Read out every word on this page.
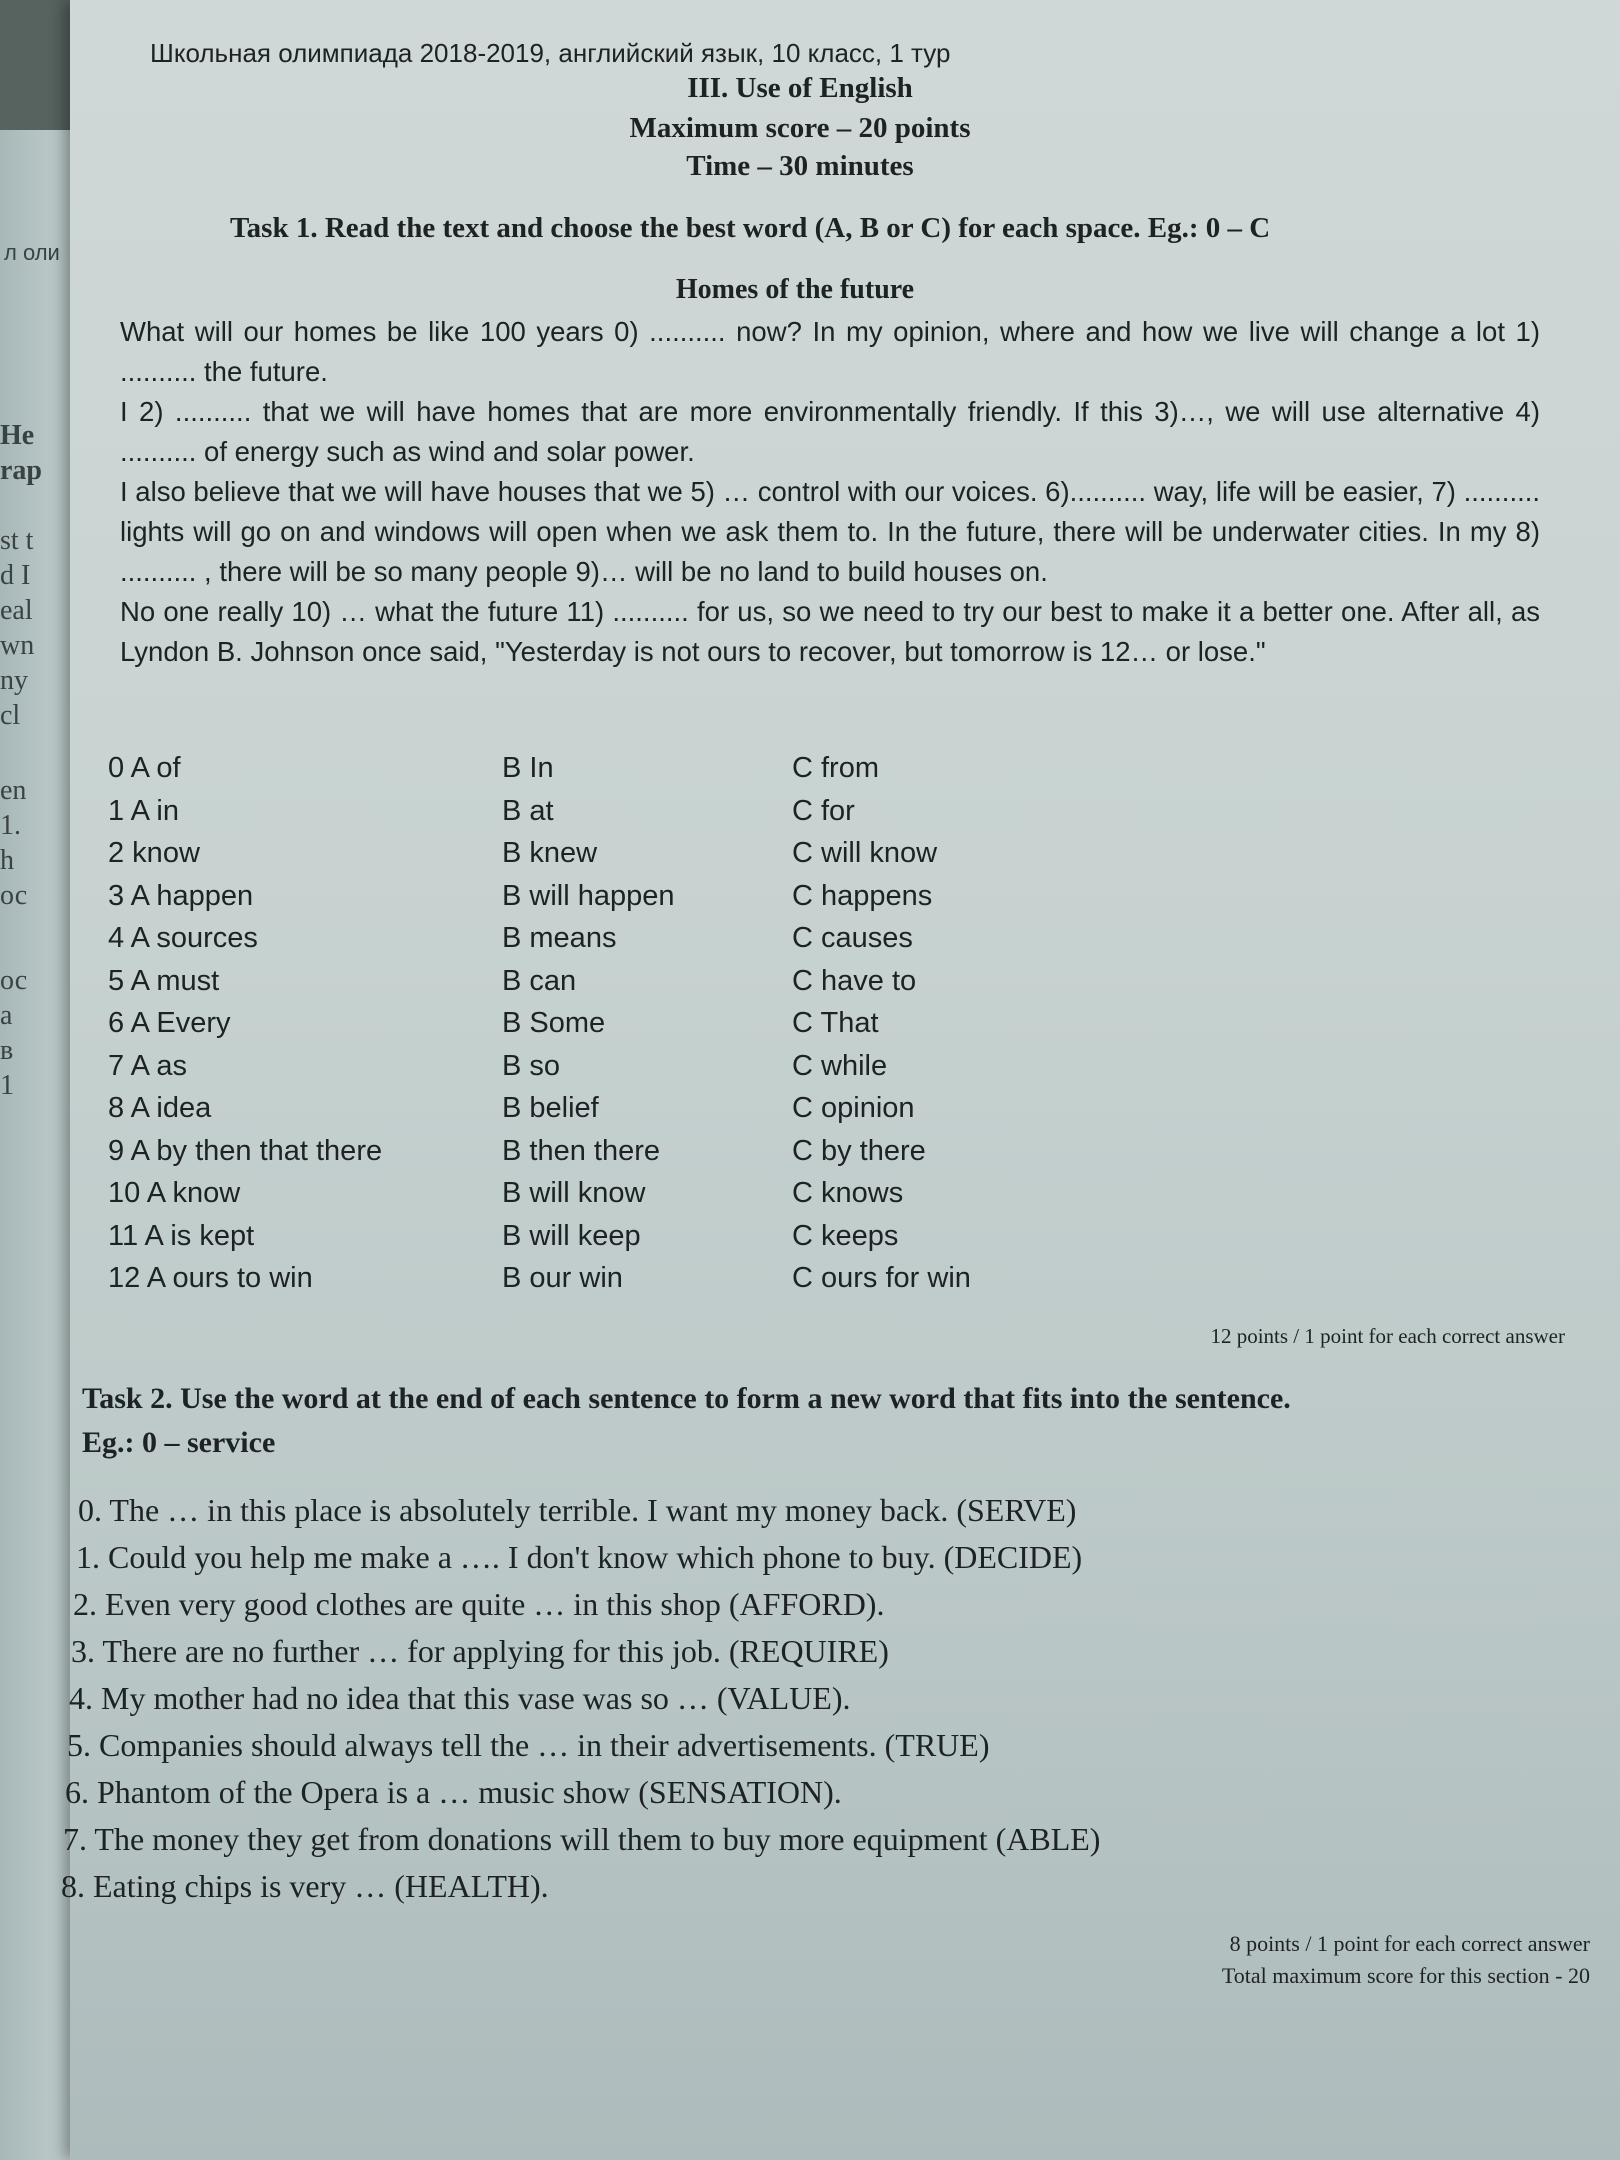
л оли
Не
rap
st t
d I
eal
wn
ny
cl
en
1.
h
ос
ос
а
в
1
Школьная олимпиада 2018-2019, английский язык, 10 класс, 1 тур
III. Use of English
Maximum score – 20 points
Time – 30 minutes
Task 1. Read the text and choose the best word (A, B or C) for each space. Eg.: 0 – C
Homes of the future

What will our homes be like 100 years 0) .......... now? In my opinion, where and how we live will change a lot 1) .......... the future.

I 2) .......... that we will have homes that are more environmentally friendly. If this 3)…, we will use alternative 4) .......... of energy such as wind and solar power.

I also believe that we will have houses that we 5) … control with our voices. 6).......... way, life will be easier, 7) .......... lights will go on and windows will open when we ask them to. In the future, there will be underwater cities. In my 8) .......... , there will be so many people 9)… will be no land to build houses on.

No one really 10) … what the future 11) .......... for us, so we need to try our best to make it a better one. After all, as Lyndon B. Johnson once said, "Yesterday is not ours to recover, but tomorrow is 12… or lose."

0 A of	B In	C from
1 A in	B at	C for
2 know	B knew	C will know
3 A happen	B will happen	C happens
4 A sources	B means	C causes
5 A must	B can	C have to
6 A Every	B Some	C That
7 A as	B so	C while
8 A idea	B belief	C opinion
9 A by then that there	B then there	C by there
10 A know	B will know	C knows
11 A is kept	B will keep	C keeps
12 A ours to win	B our win	C ours for win
12 points / 1 point for each correct answer
Task 2. Use the word at the end of each sentence to form a new word that fits into the sentence.
Eg.: 0 – service
0. The … in this place is absolutely terrible. I want my money back. (SERVE)
1. Could you help me make a …. I don't know which phone to buy. (DECIDE)
2. Even very good clothes are quite … in this shop (AFFORD).
3. There are no further … for applying for this job. (REQUIRE)
4. My mother had no idea that this vase was so … (VALUE).
5. Companies should always tell the … in their advertisements. (TRUE)
6. Phantom of the Opera is a … music show (SENSATION).
7. The money they get from donations will them to buy more equipment (ABLE)
8. Eating chips is very … (HEALTH).
8 points / 1 point for each correct answer
Total maximum score for this section - 20
